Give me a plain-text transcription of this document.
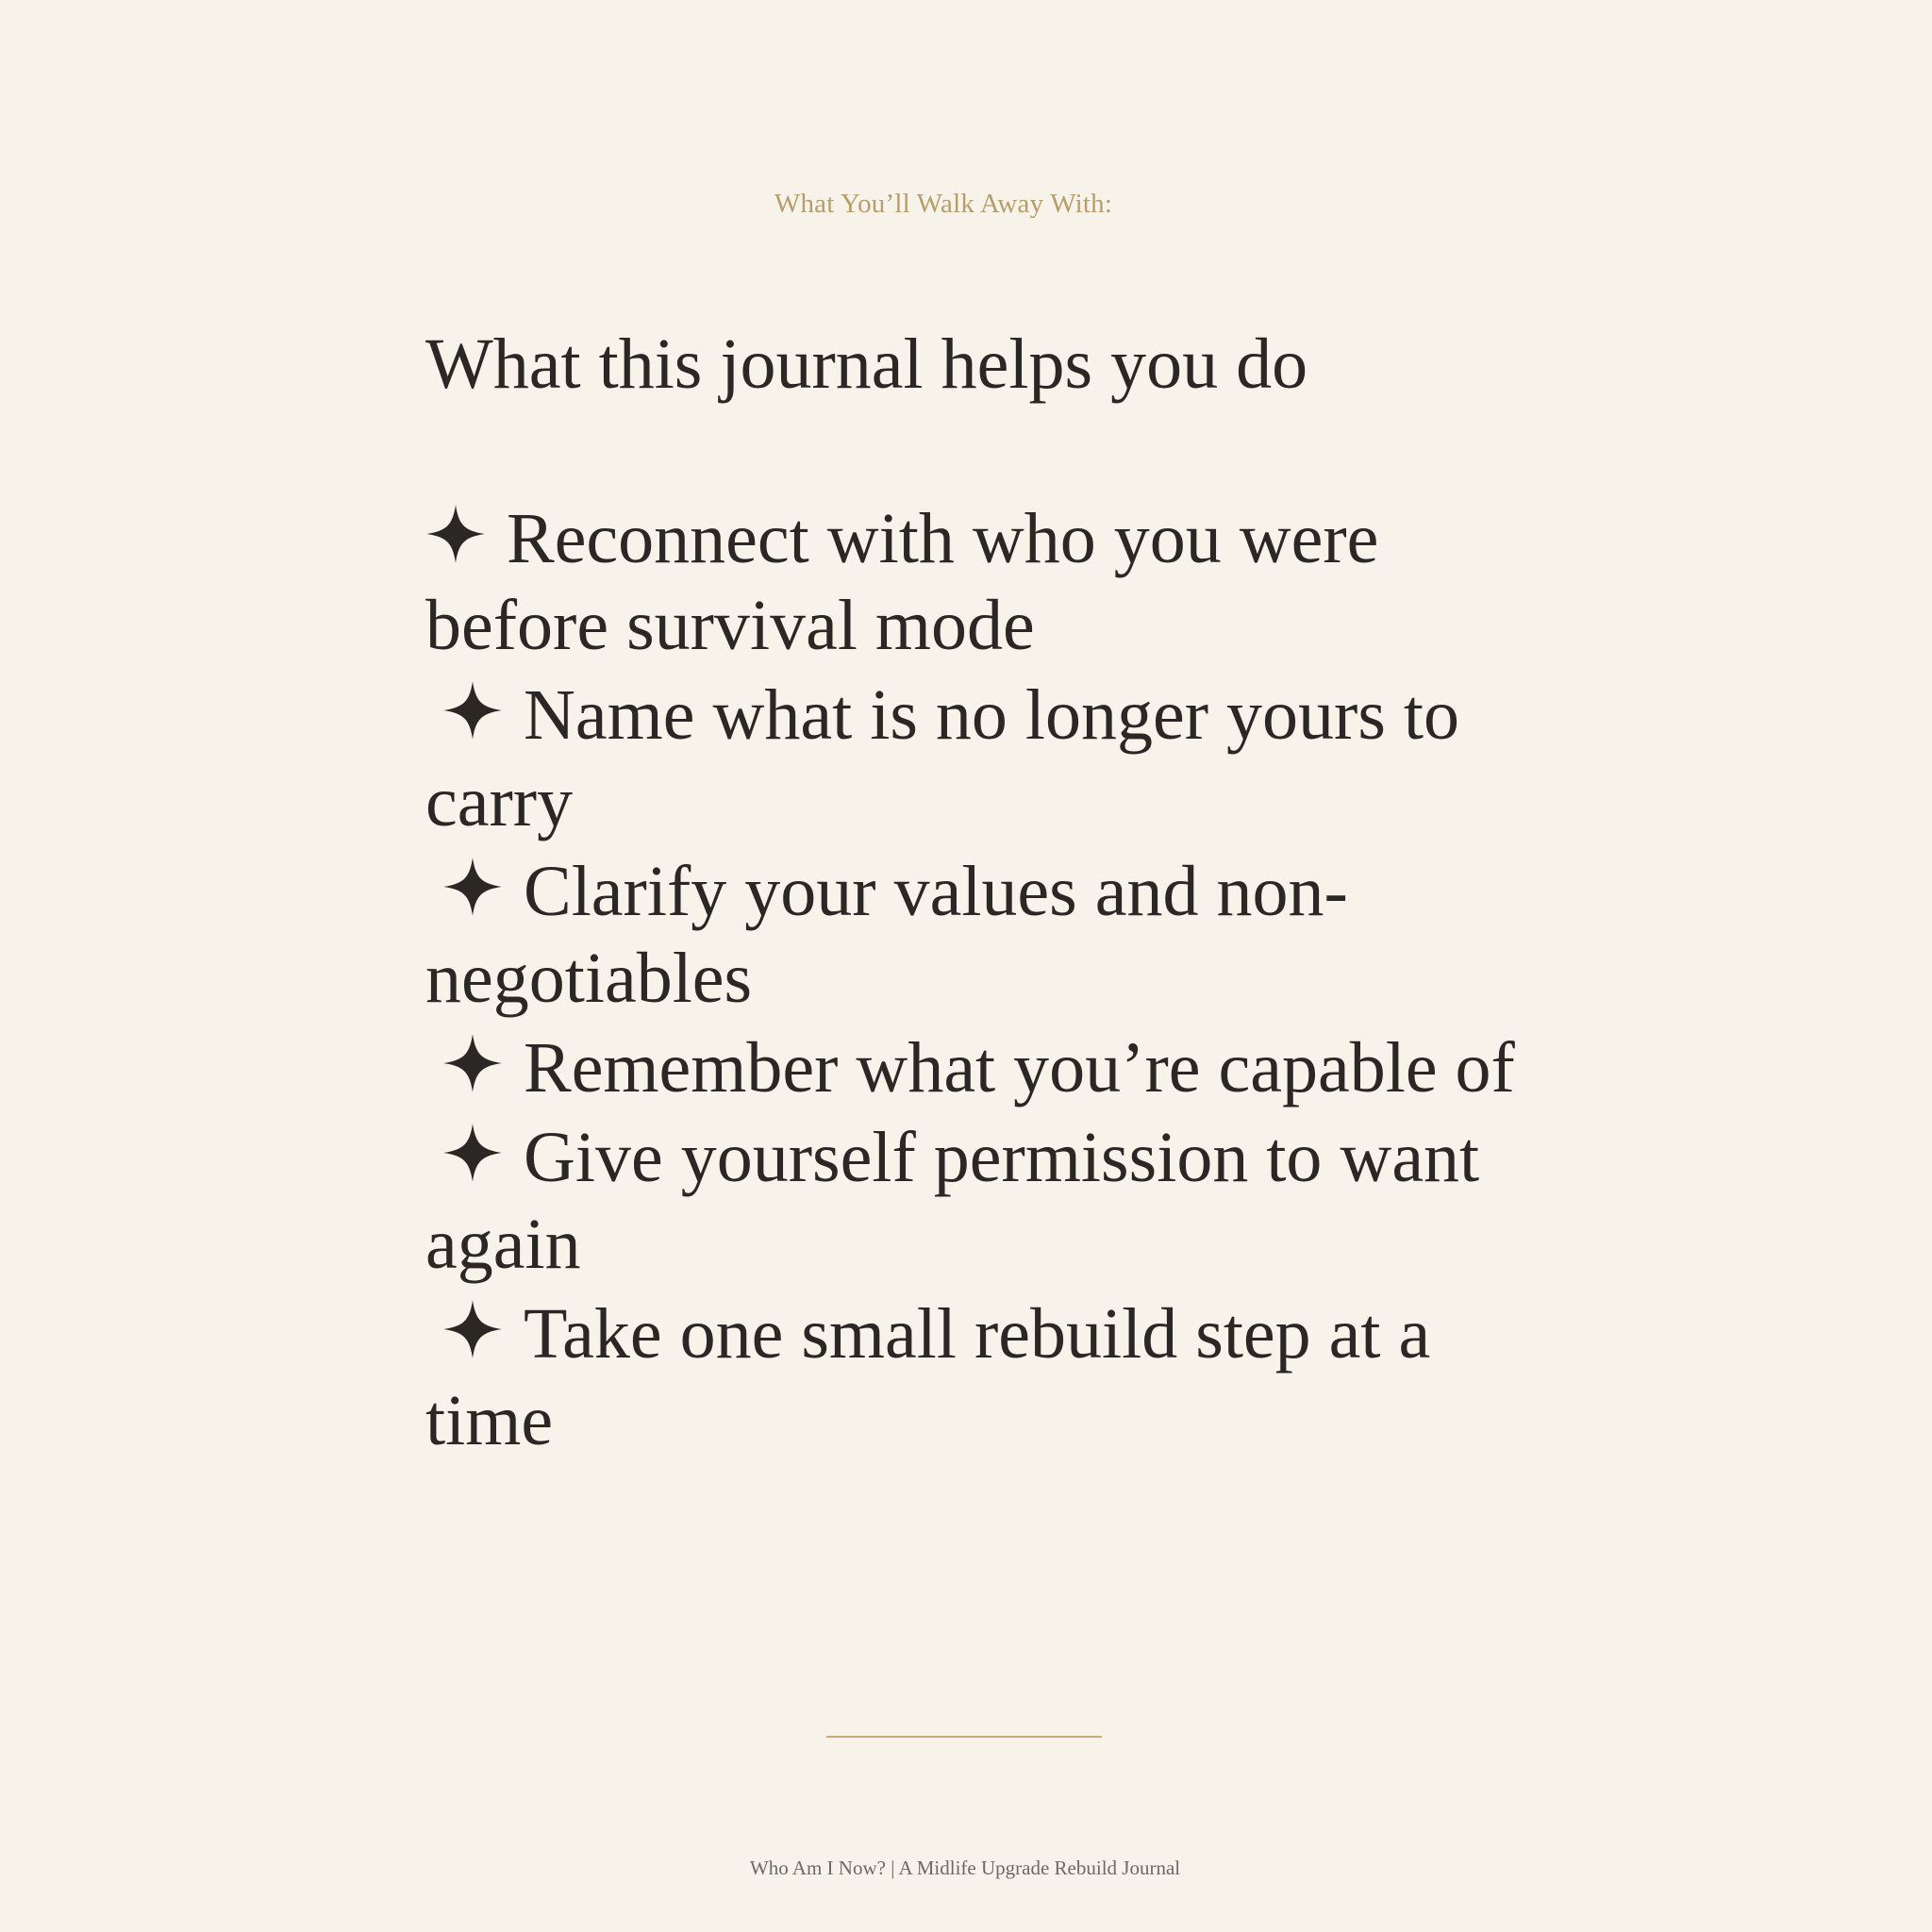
What You’ll Walk Away With:
What this journal helps you do
Reconnect with who you were before survival mode
Name what is no longer yours to carry
Clarify your values and non-negotiables
Remember what you’re capable of
Give yourself permission to want again
Take one small rebuild step at a time
Who Am I Now? | A Midlife Upgrade Rebuild Journal
